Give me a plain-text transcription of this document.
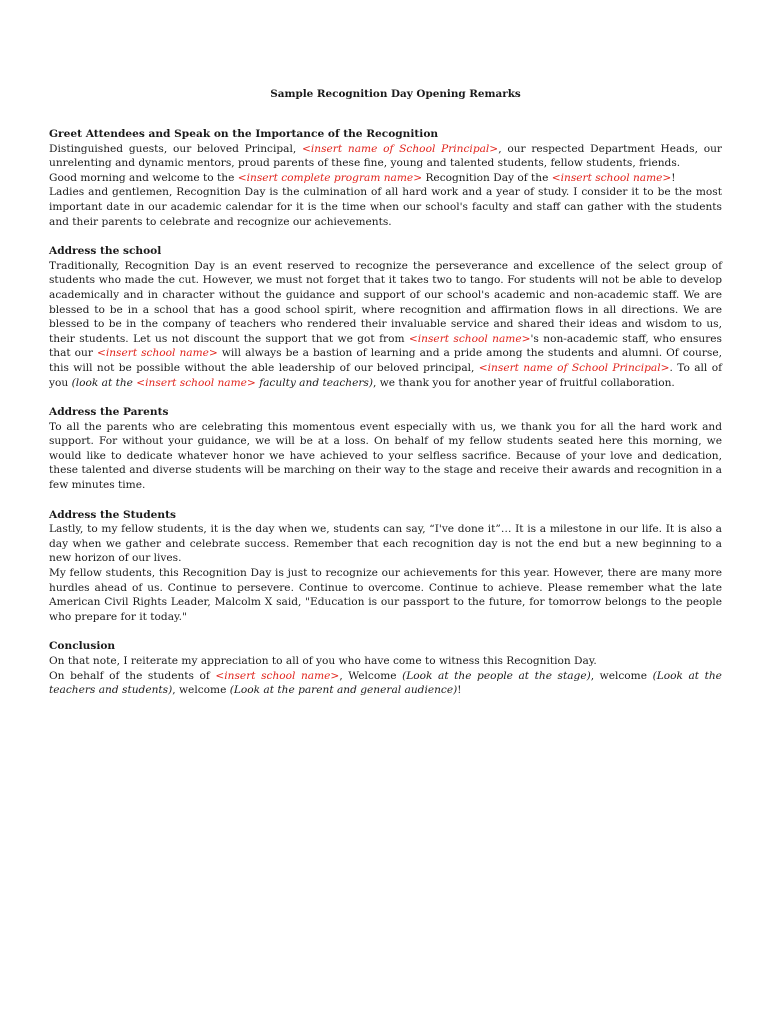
Sample Recognition Day Opening Remarks
Greet Attendees and Speak on the Importance of the Recognition

Distinguished guests, our beloved Principal, <insert name of School Principal>, our respected Department Heads, our unrelenting and dynamic mentors, proud parents of these fine, young and talented students, fellow students, friends.

Good morning and welcome to the <insert complete program name> Recognition Day of the <insert school name>!

Ladies and gentlemen, Recognition Day is the culmination of all hard work and a year of study. I consider it to be the most important date in our academic calendar for it is the time when our school's faculty and staff can gather with the students and their parents to celebrate and recognize our achievements.

Address the school

Traditionally, Recognition Day is an event reserved to recognize the perseverance and excellence of the select group of students who made the cut. However, we must not forget that it takes two to tango. For students will not be able to develop academically and in character without the guidance and support of our school's academic and non-academic staff. We are blessed to be in a school that has a good school spirit, where recognition and affirmation flows in all directions. We are blessed to be in the company of teachers who rendered their invaluable service and shared their ideas and wisdom to us, their students. Let us not discount the support that we got from <insert school name>'s non-academic staff, who ensures that our <insert school name> will always be a bastion of learning and a pride among the students and alumni. Of course, this will not be possible without the able leadership of our beloved principal, <insert name of School Principal>. To all of you (look at the <insert school name> faculty and teachers), we thank you for another year of fruitful collaboration.

Address the Parents

To all the parents who are celebrating this momentous event especially with us, we thank you for all the hard work and support. For without your guidance, we will be at a loss. On behalf of my fellow students seated here this morning, we would like to dedicate whatever honor we have achieved to your selfless sacrifice. Because of your love and dedication, these talented and diverse students will be marching on their way to the stage and receive their awards and recognition in a few minutes time.

Address the Students

Lastly, to my fellow students, it is the day when we, students can say, “I've done it”… It is a milestone in our life. It is also a day when we gather and celebrate success. Remember that each recognition day is not the end but a new beginning to a new horizon of our lives.

My fellow students, this Recognition Day is just to recognize our achievements for this year. However, there are many more hurdles ahead of us. Continue to persevere. Continue to overcome. Continue to achieve. Please remember what the late American Civil Rights Leader, Malcolm X said, "Education is our passport to the future, for tomorrow belongs to the people who prepare for it today."

Conclusion

On that note, I reiterate my appreciation to all of you who have come to witness this Recognition Day.

On behalf of the students of <insert school name>, Welcome (Look at the people at the stage), welcome (Look at the teachers and students), welcome (Look at the parent and general audience)!
